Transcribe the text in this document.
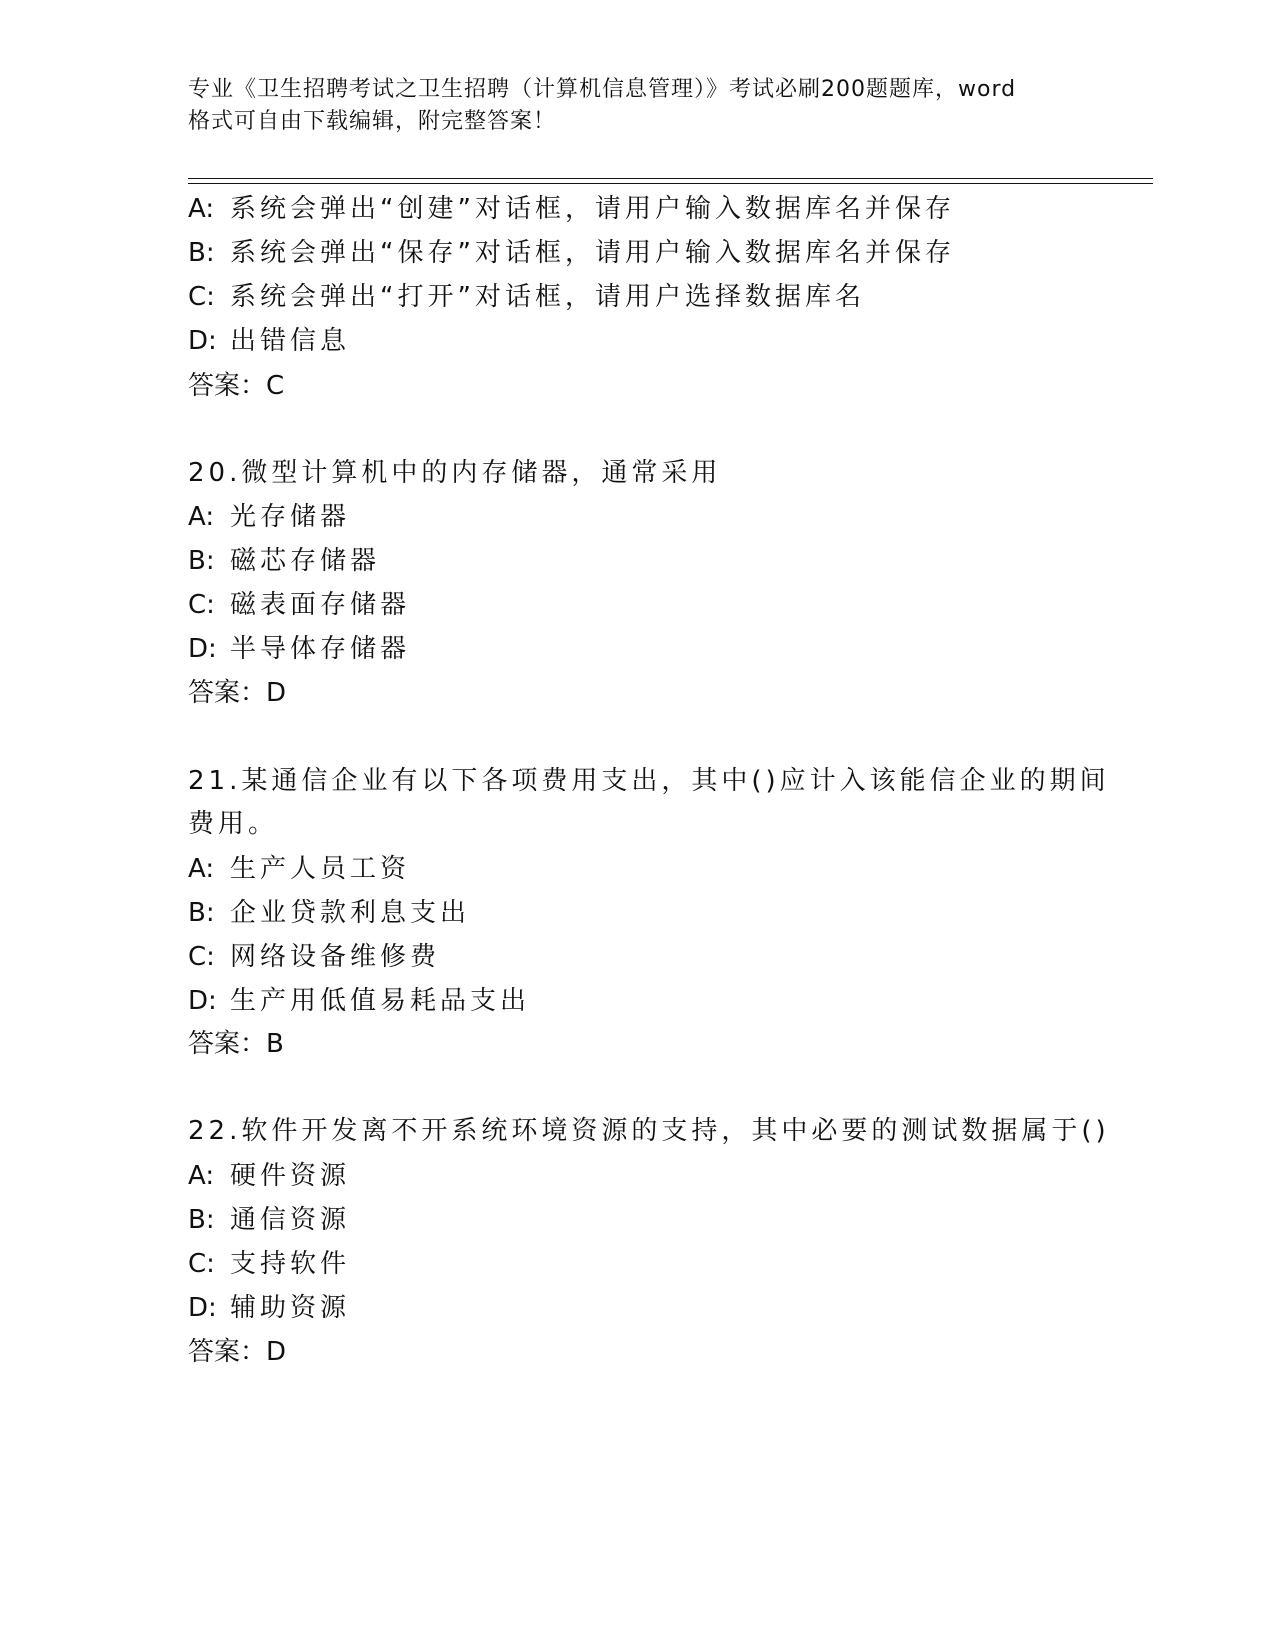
专业《卫生招聘考试之卫生招聘（计算机信息管理）》考试必刷200题题库，word
格式可自由下载编辑，附完整答案！
A: 系统会弹出“创建”对话框，请用户输入数据库名并保存
B: 系统会弹出“保存”对话框，请用户输入数据库名并保存
C: 系统会弹出“打开”对话框，请用户选择数据库名
D: 出错信息
答案：C
20.微型计算机中的内存储器，通常采用
A: 光存储器
B: 磁芯存储器
C: 磁表面存储器
D: 半导体存储器
答案：D
21.某通信企业有以下各项费用支出，其中()应计入该能信企业的期间
费用。
A: 生产人员工资
B: 企业贷款利息支出
C: 网络设备维修费
D: 生产用低值易耗品支出
答案：B
22.软件开发离不开系统环境资源的支持，其中必要的测试数据属于()
A: 硬件资源
B: 通信资源
C: 支持软件
D: 辅助资源
答案：D
